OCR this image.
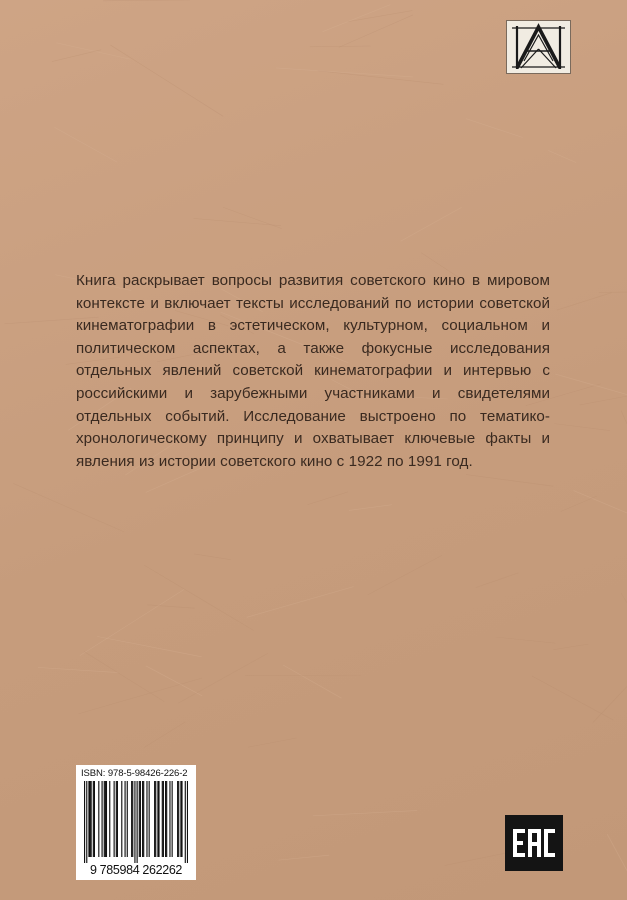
Книга раскрывает вопросы развития советского кино в мировом контексте и включает тексты исследований по истории советской кинематографии в эстетическом, культурном, социальном и политическом аспектах, а также фокусные исследования отдельных явлений советской кинематографии и интервью с российскими и зарубежными участниками и свидетелями отдельных событий. Исследование выстроено по тематико-хронологическому принципу и охватывает ключевые факты и явления из истории советского кино с 1922 по 1991 год.

ISBN: 978-5-98426-226-2
9 785984 262262
